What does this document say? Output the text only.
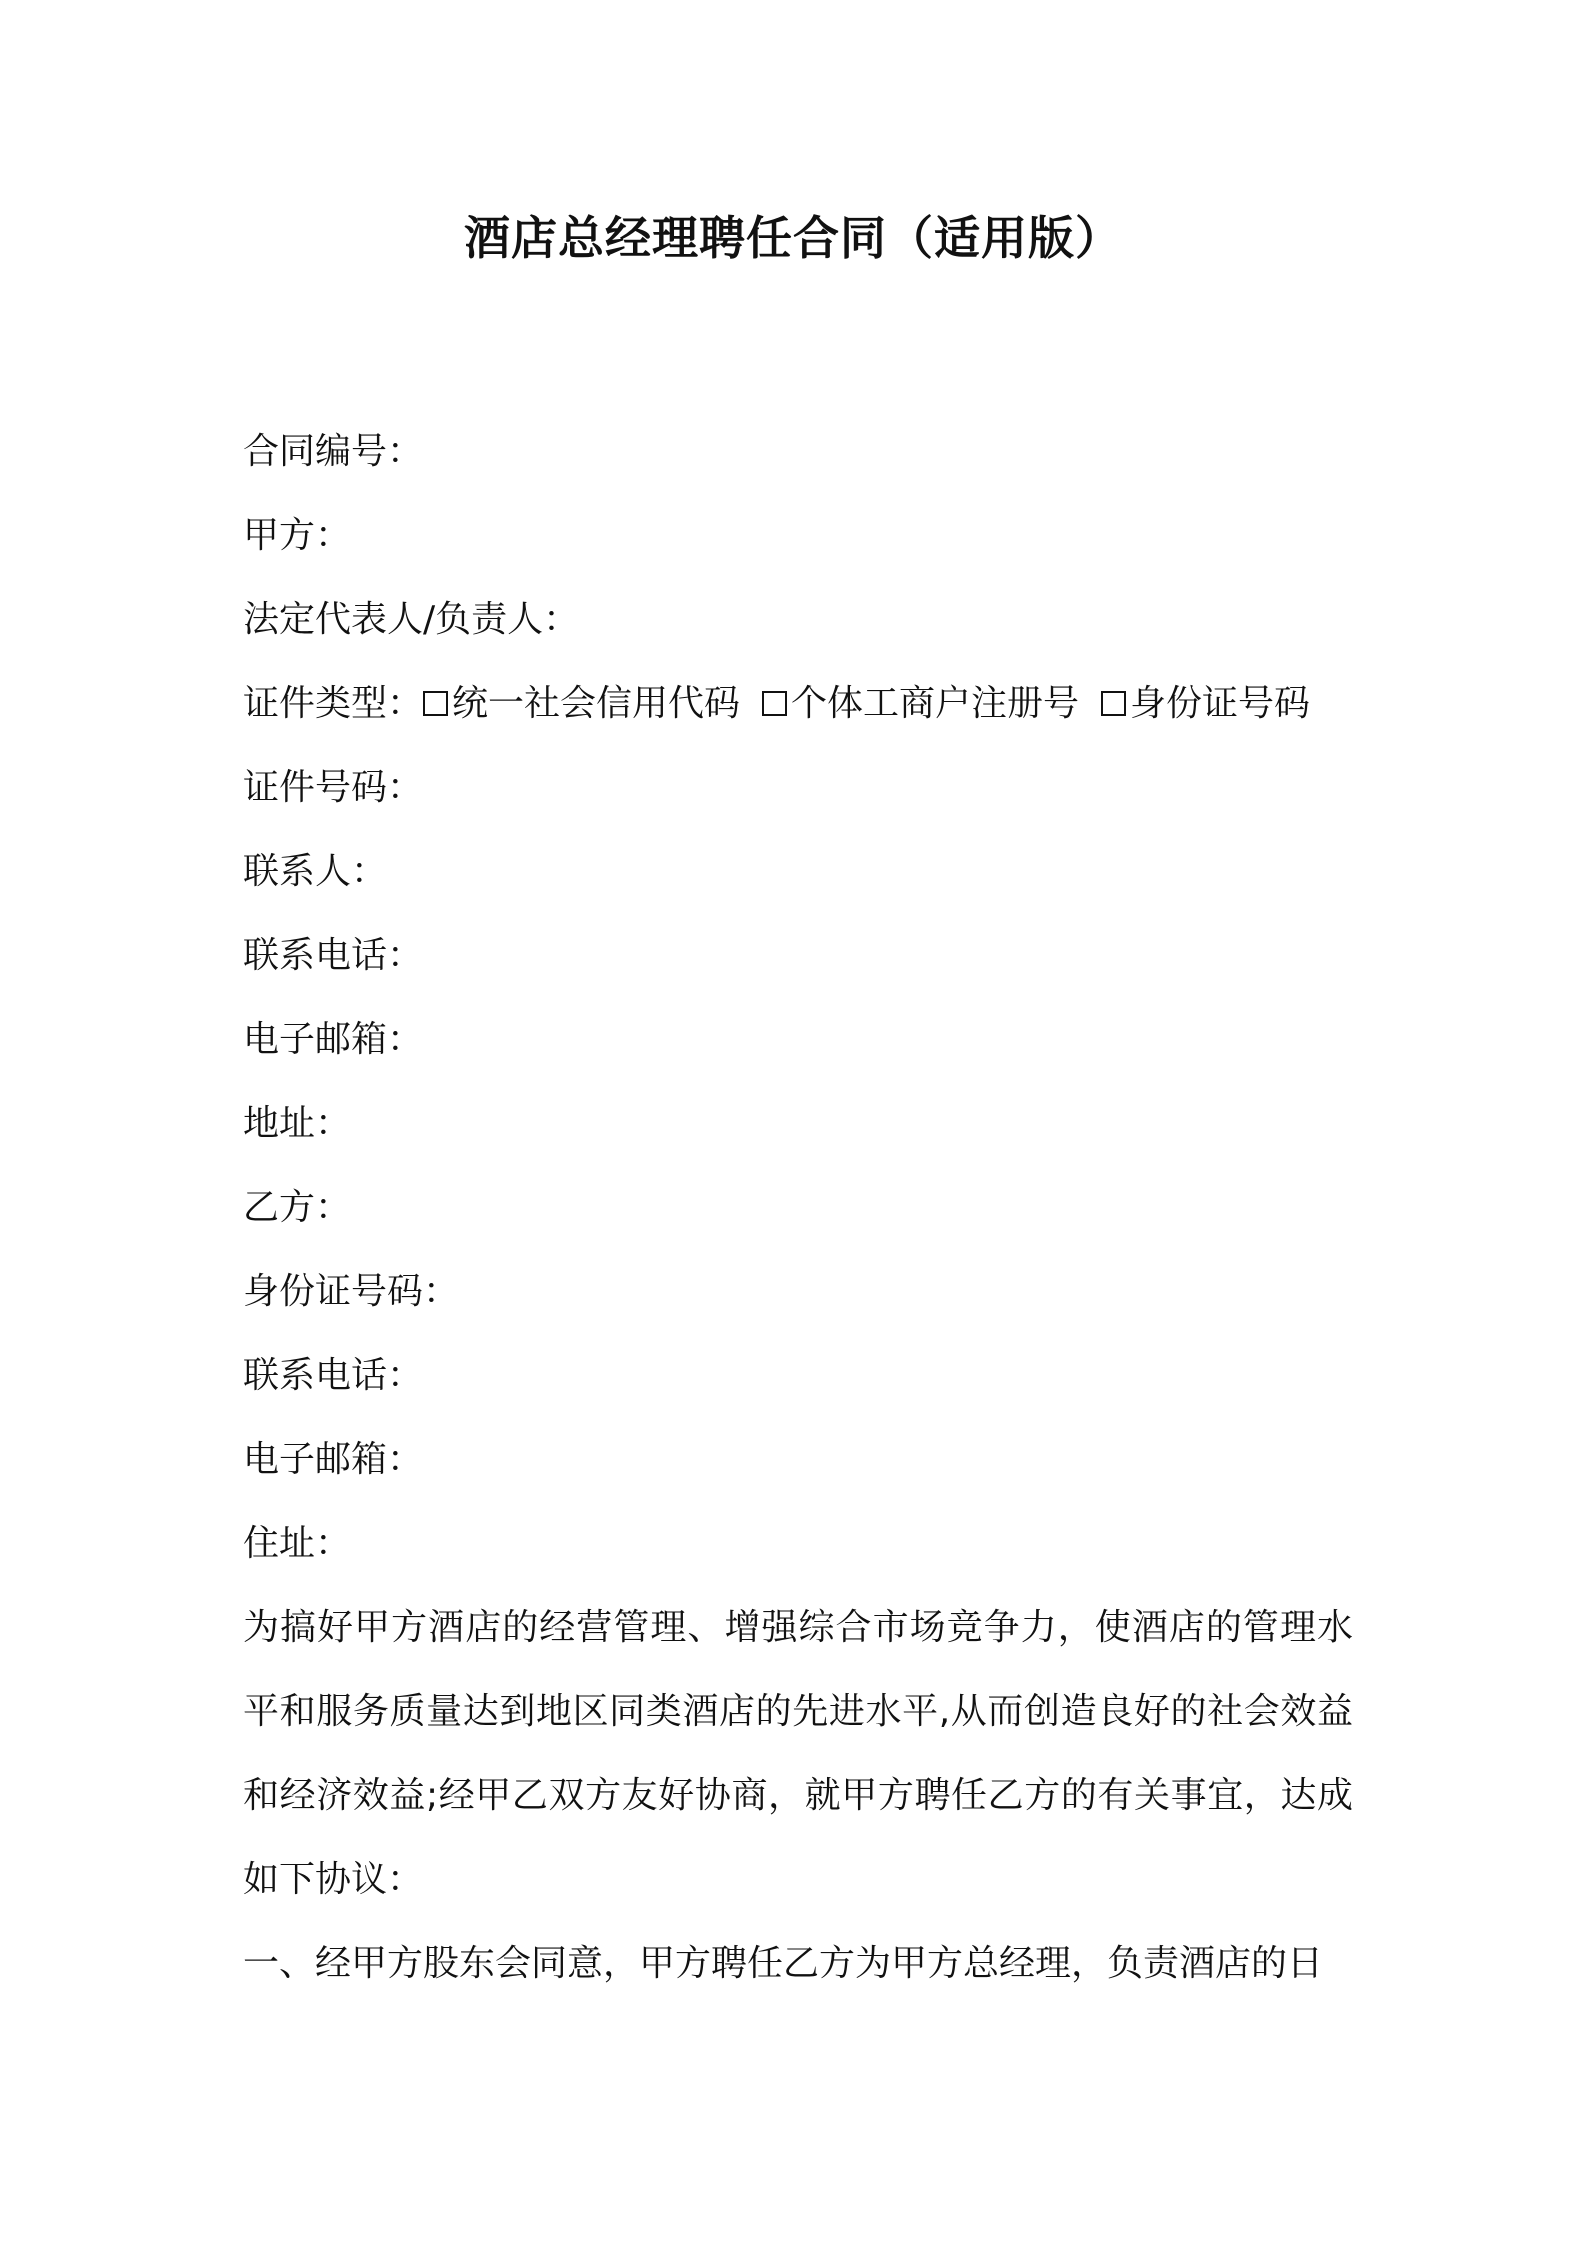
酒店总经理聘任合同（适用版）
合同编号：
甲方：
法定代表人/负责人：
证件类型： 统一社会信用代码 个体工商户注册号 身份证号码
证件号码：
联系人：
联系电话：
电子邮箱：
地址：
乙方：
身份证号码：
联系电话：
电子邮箱：
住址：

为搞好甲方酒店的经营管理、增强综合市场竞争力，使酒店的管理水平和服务质量达到地区同类酒店的先进水平,从而创造良好的社会效益和经济效益;经甲乙双方友好协商，就甲方聘任乙方的有关事宜，达成如下协议：

一、经甲方股东会同意，甲方聘任乙方为甲方总经理，负责酒店的日
